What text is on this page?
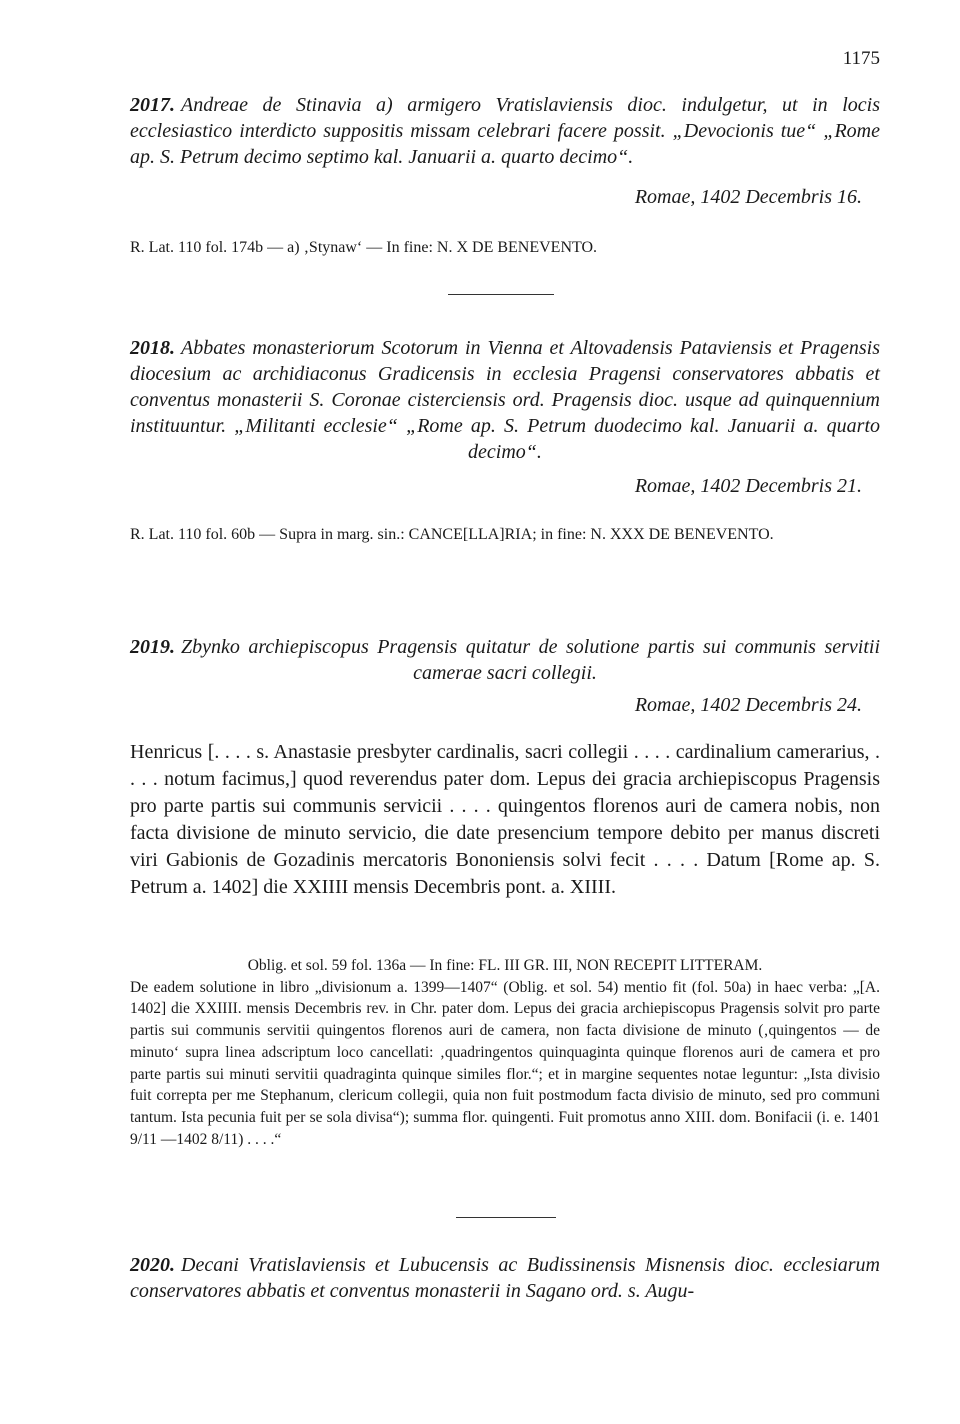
1175
2017. Andreae de Stinavia a) armigero Vratislaviensis dioc. indulgetur, ut in locis ecclesiastico interdicto suppositis missam celebrari facere possit. „Devocionis tue“ „Rome ap. S. Petrum decimo septimo kal. Januarii a. quarto decimo“.
Romae, 1402 Decembris 16.
R. Lat. 110 fol. 174b — a) ‚Stynaw‘ — In fine: N. X DE BENEVENTO.
2018. Abbates monasteriorum Scotorum in Vienna et Altovadensis Pataviensis et Pragensis diocesium ac archidiaconus Gradicensis in ecclesia Pragensi conservatores abbatis et conventus monasterii S. Coronae cisterciensis ord. Pragensis dioc. usque ad quinquennium instituuntur. „Militanti ecclesie“ „Rome ap. S. Petrum duodecimo kal. Januarii a. quarto decimo“.
Romae, 1402 Decembris 21.
R. Lat. 110 fol. 60b — Supra in marg. sin.: CANCE[LLA]RIA; in fine: N. XXX DE BENEVENTO.
2019. Zbynko archiepiscopus Pragensis quitatur de solutione partis sui communis servitii camerae sacri collegii.
Romae, 1402 Decembris 24.
Henricus [. . . . s. Anastasie presbyter cardinalis, sacri collegii . . . . cardinalium camerarius, . . . . notum facimus,] quod reverendus pater dom. Lepus dei gracia archiepiscopus Pragensis pro parte partis sui communis servicii . . . . quingentos florenos auri de camera nobis, non facta divisione de minuto servicio, die date presencium tempore debito per manus discreti viri Gabionis de Gozadinis mercatoris Bononiensis solvi fecit . . . . Datum [Rome ap. S. Petrum a. 1402] die XXIIII mensis Decembris pont. a. XIIII.
Oblig. et sol. 59 fol. 136a — In fine: FL. III GR. III, NON RECEPIT LITTERAM.
De eadem solutione in libro „divisionum a. 1399—1407“ (Oblig. et sol. 54) mentio fit (fol. 50a) in haec verba: „[A. 1402] die XXIIII. mensis Decembris rev. in Chr. pater dom. Lepus dei gracia archiepiscopus Pragensis solvit pro parte partis sui communis servitii quingentos florenos auri de camera, non facta divisione de minuto (‚quingentos — de minuto‘ supra linea adscriptum loco cancellati: ‚quadringentos quinquaginta quinque florenos auri de camera et pro parte partis sui minuti servitii quadraginta quinque similes flor.“; et in margine sequentes notae leguntur: „Ista divisio fuit correpta per me Stephanum, clericum collegii, quia non fuit postmodum facta divisio de minuto, sed pro communi tantum. Ista pecunia fuit per se sola divisa“); summa flor. quingenti. Fuit promotus anno XIII. dom. Bonifacii (i. e. 1401 9/11 —1402 8/11) . . . .“
2020. Decani Vratislaviensis et Lubucensis ac Budissinensis Misnensis dioc. ecclesiarum conservatores abbatis et conventus monasterii in Sagano ord. s. Augu-
